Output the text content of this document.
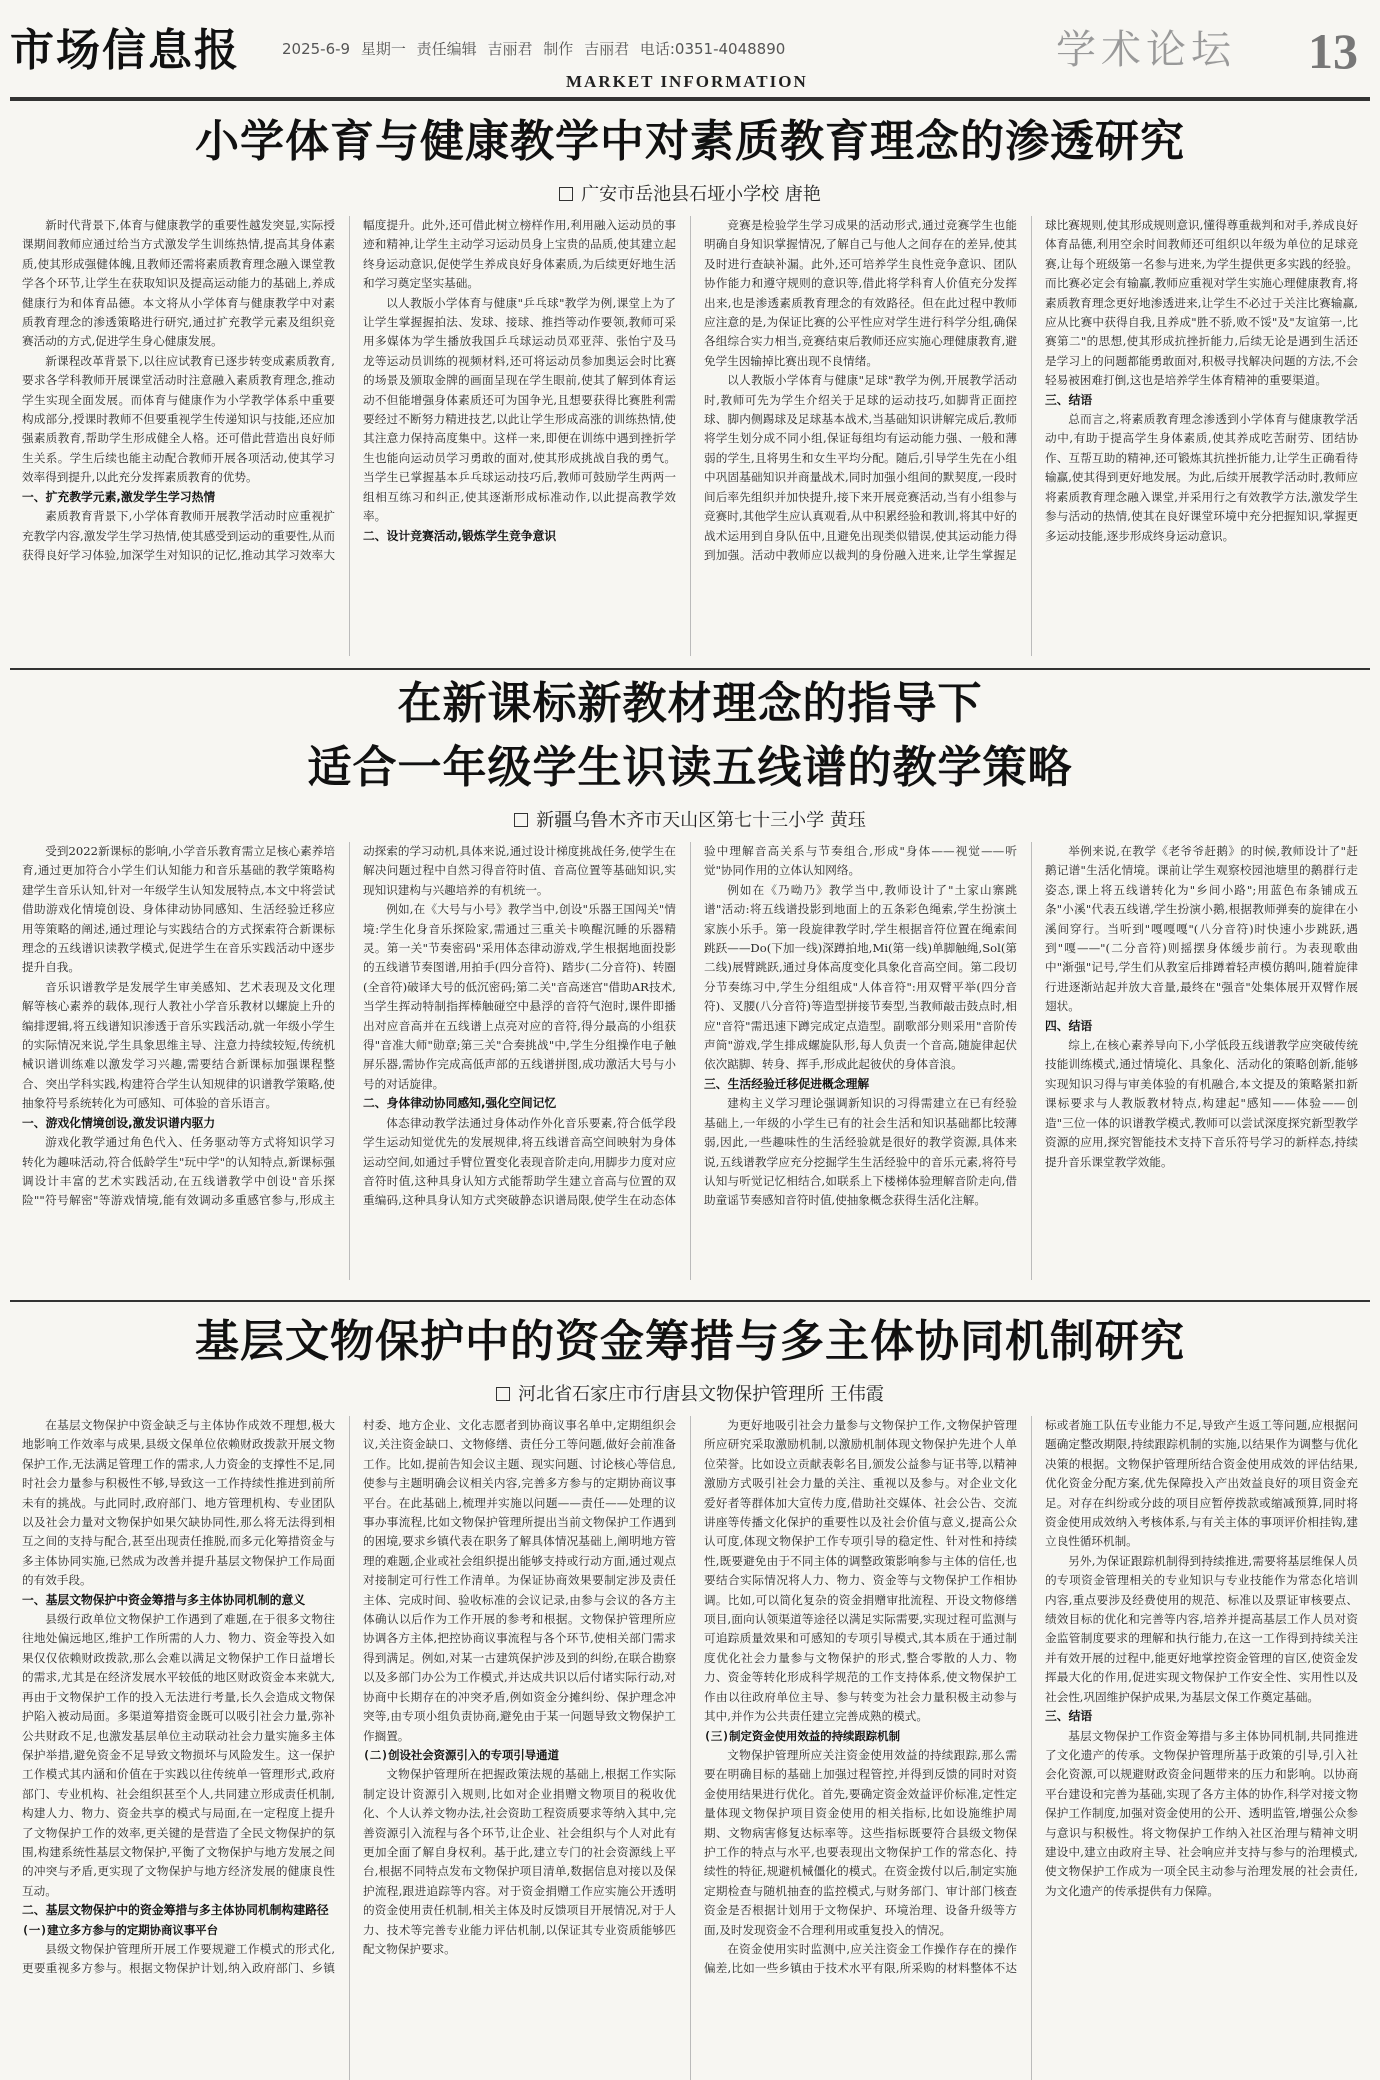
市场信息报	2025-6-9 星期一 责任编辑 吉丽君 制作 吉丽君 电话:0351-4048890
MARKET INFORMATION
学术论坛 13
小学体育与健康教学中对素质教育理念的渗透研究
广安市岳池县石垭小学校 唐艳

新时代背景下,体育与健康教学的重要性越发突显,实际授课期间教师应通过给当方式激发学生训练热情,提高其身体素质,使其形成强健体魄,且教师还需将素质教育理念融入课堂教学各个环节,让学生在获取知识及提高运动能力的基础上,养成健康行为和体育品德。本文将从小学体育与健康教学中对素质教育理念的渗透策略进行研究,通过扩充教学元素及组织竞赛活动的方式,促进学生身心健康发展。

新课程改革背景下,以往应试教育已逐步转变成素质教育,要求各学科教师开展课堂活动时注意融入素质教育理念,推动学生实现全面发展。而体育与健康作为小学教学体系中重要构成部分,授课时教师不但要重视学生传递知识与技能,还应加强素质教育,帮助学生形成健全人格。还可借此营造出良好师生关系。学生后续也能主动配合教师开展各项活动,使其学习效率得到提升,以此充分发挥素质教育的优势。

一、扩充教学元素,激发学生学习热情

素质教育背景下,小学体育教师开展教学活动时应重视扩充教学内容,激发学生学习热情,使其感受到运动的重要性,从而获得良好学习体验,加深学生对知识的记忆,推动其学习效率大幅度提升。此外,还可借此树立榜样作用,利用融入运动员的事迹和精神,让学生主动学习运动员身上宝贵的品质,使其建立起终身运动意识,促使学生养成良好身体素质,为后续更好地生活和学习奠定坚实基础。

以人教版小学体育与健康"乒乓球"教学为例,课堂上为了让学生掌握握拍法、发球、接球、推挡等动作要领,教师可采用多媒体为学生播放我国乒乓球运动员邓亚萍、张怡宁及马龙等运动员训练的视频材料,还可将运动员参加奥运会时比赛的场景及颁取金牌的画面呈现在学生眼前,使其了解到体育运动不但能增强身体素质还可为国争光,且想要获得比赛胜利需要经过不断努力精进技艺,以此让学生形成高涨的训练热情,使其注意力保持高度集中。这样一来,即便在训练中遇到挫折学生也能向运动员学习勇敢的面对,使其形成挑战自我的勇气。当学生已掌握基本乒乓球运动技巧后,教师可鼓励学生两两一组相互练习和纠正,使其逐渐形成标准动作,以此提高教学效率。

二、设计竞赛活动,锻炼学生竞争意识

竞赛是检验学生学习成果的活动形式,通过竞赛学生也能明确自身知识掌握情况,了解自己与他人之间存在的差异,使其及时进行查缺补漏。此外,还可培养学生良性竞争意识、团队协作能力和遵守规则的意识等,借此将学科育人价值充分发挥出来,也是渗透素质教育理念的有效路径。但在此过程中教师应注意的是,为保证比赛的公平性应对学生进行科学分组,确保各组综合实力相当,竞赛结束后教师还应实施心理健康教育,避免学生因输掉比赛出现不良情绪。

以人教版小学体育与健康"足球"教学为例,开展教学活动时,教师可先为学生介绍关于足球的运动技巧,如脚背正面控球、脚内侧踢球及足球基本战术,当基础知识讲解完成后,教师将学生划分成不同小组,保证每组均有运动能力强、一般和薄弱的学生,且将男生和女生平均分配。随后,引导学生先在小组中巩固基础知识并商量战术,同时加强小组间的默契度,一段时间后率先组织并加快提升,接下来开展竞赛活动,当有小组参与竞赛时,其他学生应认真观看,从中积累经验和教训,将其中好的战术运用到自身队伍中,且避免出现类似错误,使其运动能力得到加强。活动中教师应以裁判的身份融入进来,让学生掌握足球比赛规则,使其形成规则意识,懂得尊重裁判和对手,养成良好体育品德,利用空余时间教师还可组织以年级为单位的足球竞赛,让每个班级第一名参与进来,为学生提供更多实践的经验。而比赛必定会有输赢,教师应重视对学生实施心理健康教育,将素质教育理念更好地渗透进来,让学生不必过于关注比赛输赢,应从比赛中获得自我,且养成"胜不骄,败不馁"及"友谊第一,比赛第二"的思想,使其形成抗挫折能力,后续无论是遇到生活还是学习上的问题都能勇敢面对,积极寻找解决问题的方法,不会轻易被困难打倒,这也是培养学生体育精神的重要渠道。

三、结语

总而言之,将素质教育理念渗透到小学体育与健康教学活动中,有助于提高学生身体素质,使其养成吃苦耐劳、团结协作、互帮互助的精神,还可锻炼其抗挫折能力,让学生正确看待输赢,使其得到更好地发展。为此,后续开展教学活动时,教师应将素质教育理念融入课堂,并采用行之有效教学方法,激发学生参与活动的热情,使其在良好课堂环境中充分把握知识,掌握更多运动技能,逐步形成终身运动意识。

在新课标新教材理念的指导下
适合一年级学生识读五线谱的教学策略
新疆乌鲁木齐市天山区第七十三小学 黄珏

受到2022新课标的影响,小学音乐教育需立足核心素养培育,通过更加符合小学生们认知能力和音乐基础的教学策略构建学生音乐认知,针对一年级学生认知发展特点,本文中将尝试借助游戏化情境创设、身体律动协同感知、生活经验迁移应用等策略的阐述,通过理论与实践结合的方式探索符合新课标理念的五线谱识读教学模式,促进学生在音乐实践活动中逐步提升自我。

音乐识谱教学是发展学生审美感知、艺术表现及文化理解等核心素养的载体,现行人教社小学音乐教材以螺旋上升的编排逻辑,将五线谱知识渗透于音乐实践活动,就一年级小学生的实际情况来说,学生具象思维主导、注意力持续较短,传统机械识谱训练难以激发学习兴趣,需要结合新课标加强课程整合、突出学科实践,构建符合学生认知规律的识谱教学策略,使抽象符号系统转化为可感知、可体验的音乐语言。

一、游戏化情境创设,激发识谱内驱力

游戏化教学通过角色代入、任务驱动等方式将知识学习转化为趣味活动,符合低龄学生"玩中学"的认知特点,新课标强调设计丰富的艺术实践活动,在五线谱教学中创设"音乐探险""符号解密"等游戏情境,能有效调动多重感官参与,形成主动探索的学习动机,具体来说,通过设计梯度挑战任务,使学生在解决问题过程中自然习得音符时值、音高位置等基础知识,实现知识建构与兴趣培养的有机统一。

例如,在《大号与小号》教学当中,创设"乐器王国闯关"情境:学生化身音乐探险家,需通过三重关卡唤醒沉睡的乐器精灵。第一关"节奏密码"采用体态律动游戏,学生根据地面投影的五线谱节奏图谱,用拍手(四分音符)、踏步(二分音符)、转圈(全音符)破译大号的低沉密码;第二关"音高迷宫"借助AR技术,当学生挥动特制指挥棒触碰空中悬浮的音符气泡时,课件即播出对应音高并在五线谱上点亮对应的音符,得分最高的小组获得"音准大师"勋章;第三关"合奏挑战"中,学生分组操作电子触屏乐器,需协作完成高低声部的五线谱拼图,成功激活大号与小号的对话旋律。

二、身体律动协同感知,强化空间记忆

体态律动教学法通过身体动作外化音乐要素,符合低学段学生运动知觉优先的发展规律,将五线谱音高空间映射为身体运动空间,如通过手臂位置变化表现音阶走向,用脚步力度对应音符时值,这种具身认知方式能帮助学生建立音高与位置的双重编码,这种具身认知方式突破静态识谱局限,使学生在动态体验中理解音高关系与节奏组合,形成"身体——视觉——听觉"协同作用的立体认知网络。

例如在《乃呦乃》教学当中,教师设计了"土家山寨跳谱"活动:将五线谱投影到地面上的五条彩色绳索,学生扮演土家族小乐手。第一段旋律教学时,学生根据音符位置在绳索间跳跃——Do(下加一线)深蹲拍地,Mi(第一线)单脚触绳,Sol(第二线)展臂跳跃,通过身体高度变化具象化音高空间。第二段切分节奏练习中,学生分组组成"人体音符":用双臂平举(四分音符)、叉腰(八分音符)等造型拼接节奏型,当教师敲击鼓点时,相应"音符"需迅速下蹲完成定点造型。副歌部分则采用"音阶传声筒"游戏,学生排成螺旋队形,每人负责一个音高,随旋律起伏依次踮脚、转身、挥手,形成此起彼伏的身体音浪。

三、生活经验迁移促进概念理解

建构主义学习理论强调新知识的习得需建立在已有经验基础上,一年级的小学生已有的社会生活和知识基础都比较薄弱,因此,一些趣味性的生活经验就是很好的教学资源,具体来说,五线谱教学应充分挖掘学生生活经验中的音乐元素,将符号认知与听觉记忆相结合,如联系上下楼梯体验理解音阶走向,借助童谣节奏感知音符时值,使抽象概念获得生活化注解。

举例来说,在教学《老爷爷赶鹅》的时候,教师设计了"赶鹅记谱"生活化情境。课前让学生观察校园池塘里的鹅群行走姿态,课上将五线谱转化为"乡间小路";用蓝色布条铺成五条"小溪"代表五线谱,学生扮演小鹅,根据教师弹奏的旋律在小溪间穿行。当听到"嘎嘎嘎"(八分音符)时快速小步跳跃,遇到"嘎——"(二分音符)则摇摆身体缓步前行。为表现歌曲中"渐强"记号,学生们从教室后排蹲着轻声模仿鹅叫,随着旋律行进逐渐站起并放大音量,最终在"强音"处集体展开双臂作展翅状。

四、结语

综上,在核心素养导向下,小学低段五线谱教学应突破传统技能训练模式,通过情境化、具象化、活动化的策略创新,能够实现知识习得与审美体验的有机融合,本文提及的策略紧扣新课标要求与人教版教材特点,构建起"感知——体验——创造"三位一体的识谱教学模式,教师可以尝试深度探究新型教学资源的应用,探究智能技术支持下音乐符号学习的新样态,持续提升音乐课堂教学效能。

基层文物保护中的资金筹措与多主体协同机制研究
河北省石家庄市行唐县文物保护管理所 王伟霞

在基层文物保护中资金缺乏与主体协作成效不理想,极大地影响工作效率与成果,县级文保单位依赖财政拨款开展文物保护工作,无法满足管理工作的需求,人力资金的支撑性不足,同时社会力量参与积极性不够,导致这一工作持续性推进到前所未有的挑战。与此同时,政府部门、地方管理机构、专业团队以及社会力量对文物保护如果欠缺协同性,那么将无法得到相互之间的支持与配合,甚至出现责任推脱,而多元化筹措资金与多主体协同实施,已然成为改善并提升基层文物保护工作局面的有效手段。

一、基层文物保护中资金筹措与多主体协同机制的意义

县级行政单位文物保护工作遇到了难题,在于很多文物往往地处偏远地区,维护工作所需的人力、物力、资金等投入如果仅仅依赖财政拨款,那么会难以满足文物保护工作日益增长的需求,尤其是在经济发展水平较低的地区财政资金本来就大,再由于文物保护工作的投入无法进行考量,长久会造成文物保护陷入被动局面。多渠道筹措资金既可以吸引社会力量,弥补公共财政不足,也激发基层单位主动联动社会力量实施多主体保护举措,避免资金不足导致文物损坏与风险发生。这一保护工作模式其内涵和价值在于实践以往传统单一管理形式,政府部门、专业机构、社会组织甚至个人,共同建立形成责任机制,构建人力、物力、资金共享的模式与局面,在一定程度上提升了文物保护工作的效率,更关键的是营造了全民文物保护的氛围,构建系统性基层文物保护,平衡了文物保护与地方发展之间的冲突与矛盾,更实现了文物保护与地方经济发展的健康良性互动。

二、基层文物保护中的资金筹措与多主体协同机制构建路径
(一)建立多方参与的定期协商议事平台

县级文物保护管理所开展工作要规避工作模式的形式化,更要重视多方参与。根据文物保护计划,纳入政府部门、乡镇村委、地方企业、文化志愿者到协商议事名单中,定期组织会议,关注资金缺口、文物修缮、责任分工等问题,做好会前准备工作。比如,提前告知会议主题、现实问题、讨论核心等信息,使参与主题明确会议相关内容,完善多方参与的定期协商议事平台。在此基础上,梳理并实施以问题——责任——处理的议事办事流程,比如文物保护管理所提出当前文物保护工作遇到的困境,要求乡镇代表在职务了解具体情况基础上,阐明地方管理的难题,企业或社会组织提出能够支持或行动方面,通过观点对接制定可行性工作清单。为保证协商效果要制定涉及责任主体、完成时间、验收标准的会议记录,由参与会议的各方主体确认以后作为工作开展的参考和根据。文物保护管理所应协调各方主体,把控协商议事流程与各个环节,使相关部门需求得到满足。例如,对某一古建筑保护涉及到的纠纷,在联合勘察以及多部门办公为工作模式,并达成共识以后付诸实际行动,对协商中长期存在的冲突矛盾,例如资金分摊纠纷、保护理念冲突等,由专项小组负责协商,避免由于某一问题导致文物保护工作搁置。

(二)创设社会资源引入的专项引导通道

文物保护管理所在把握政策法规的基础上,根据工作实际制定设计资源引入规则,比如对企业捐赠文物项目的税收优化、个人认养文物办法,社会资助工程资质要求等纳入其中,完善资源引入流程与各个环节,让企业、社会组织与个人对此有更加全面了解自身权利。基于此,建立专门的社会资源线上平台,根据不同特点发布文物保护项目清单,数据信息对接以及保护流程,跟进追踪等内容。对于资金捐赠工作应实施公开透明的资金使用责任机制,相关主体及时反馈项目开展情况,对于人力、技术等完善专业能力评估机制,以保证其专业资质能够匹配文物保护要求。

为更好地吸引社会力量参与文物保护工作,文物保护管理所应研究采取激励机制,以激励机制体现文物保护先进个人单位荣誉。比如设立贡献表彰名目,颁发公益参与证书等,以精神激励方式吸引社会力量的关注、重视以及参与。对企业文化爱好者等群体加大宣传力度,借助社交媒体、社会公告、交流讲座等传播文化保护的重要性以及社会价值与意义,提高公众认可度,体现文物保护工作专项引导的稳定性、针对性和持续性,既要避免由于不同主体的调整政策影响参与主体的信任,也要结合实际情况将人力、物力、资金等与文物保护工作相协调。比如,可以简化复杂的资金捐赠审批流程、开设文物修缮项目,面向认领渠道等途径以满足实际需要,实现过程可监测与可追踪质量效果和可感知的专项引导模式,其本质在于通过制度优化社会力量参与文物保护的形式,整合零散的人力、物力、资金等转化形成科学规范的工作支持体系,使文物保护工作由以往政府单位主导、参与转变为社会力量积极主动参与其中,并作为公共责任建立完善成熟的模式。

(三)制定资金使用效益的持续跟踪机制

文物保护管理所应关注资金使用效益的持续跟踪,那么需要在明确目标的基础上加强过程管控,并得到反馈的同时对资金使用结果进行优化。首先,要确定资金效益评价标准,定性定量体现文物保护项目资金使用的相关指标,比如设施维护周期、文物病害修复达标率等。这些指标既要符合县级文物保护工作的特点与水平,也要表现出文物保护工作的常态化、持续性的特征,规避机械僵化的模式。在资金拨付以后,制定实施定期检查与随机抽查的监控模式,与财务部门、审计部门核查资金是否根据计划用于文物保护、环境治理、设备升级等方面,及时发现资金不合理利用或重复投入的情况。

在资金使用实时监测中,应关注资金工作操作存在的操作偏差,比如一些乡镇由于技术水平有限,所采购的材料整体不达标或者施工队伍专业能力不足,导致产生返工等问题,应根据问题确定整改期限,持续跟踪机制的实施,以结果作为调整与优化决策的根据。文物保护管理所结合资金使用成效的评估结果,优化资金分配方案,优先保障投入产出效益良好的项目资金充足。对存在纠纷或分歧的项目应暂停拨款或缩减预算,同时将资金使用成效纳入考核体系,与有关主体的事项评价相挂钩,建立良性循环机制。

另外,为保证跟踪机制得到持续推进,需要将基层维保人员的专项资金管理相关的专业知识与专业技能作为常态化培训内容,重点要涉及经费使用的规范、标准以及票证审核要点、绩效目标的优化和完善等内容,培养并提高基层工作人员对资金监管制度要求的理解和执行能力,在这一工作得到持续关注并有效开展的过程中,能更好地掌控资金管理的盲区,使资金发挥最大化的作用,促进实现文物保护工作安全性、实用性以及社会性,巩固维护保护成果,为基层文保工作奠定基础。

三、结语

基层文物保护工作资金筹措与多主体协同机制,共同推进了文化遗产的传承。文物保护管理所基于政策的引导,引入社会化资源,可以规避财政资金问题带来的压力和影响。以协商平台建设和完善为基础,实现了各方主体的协作,科学对接文物保护工作制度,加强对资金使用的公开、透明监管,增强公众参与意识与积极性。将文物保护工作纳入社区治理与精神文明建设中,建立由政府主导、社会响应并支持与参与的治理模式,使文物保护工作成为一项全民主动参与治理发展的社会责任,为文化遗产的传承提供有力保障。
